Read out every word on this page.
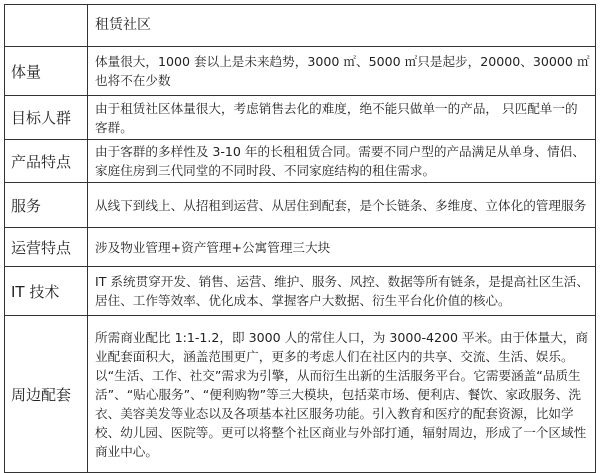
	租赁社区
体量	体量很大，1000 套以上是未来趋势，3000 ㎡、5000 ㎡只是起步，20000、30000 ㎡也将不在少数
目标人群	由于租赁社区体量很大，考虑销售去化的难度，绝不能只做单一的产品， 只匹配单一的客群。
产品特点	由于客群的多样性及 3-10 年的长租租赁合同。需要不同户型的产品满足从单身、情侣、家庭住房到三代同堂的不同时段、不同家庭结构的租住需求。
服务	从线下到线上、从招租到运营、从居住到配套，是个长链条、多维度、立体化的管理服务
运营特点	涉及物业管理+资产管理+公寓管理三大块
IT 技术	IT 系统贯穿开发、销售、运营、维护、服务、风控、数据等所有链条，是提高社区生活、居住、工作等效率、优化成本、掌握客户大数据、衍生平台化价值的核心。
周边配套	所需商业配比 1:1-1.2，即 3000 人的常住人口，为 3000-4200 平米。由于体量大，商业配套面积大，涵盖范围更广，更多的考虑人们在社区内的共享、交流、生活、娱乐。

以“生活、工作、社交”需求为引擎，从而衍生出新的生活服务平台。它需要涵盖“品质生活”、“贴心服务”、“便利购物”等三大模块，包括菜市场、便利店、餐饮、家政服务、洗衣、美容美发等业态以及各项基本社区服务功能。引入教育和医疗的配套资源，比如学校、幼儿园、医院等。更可以将整个社区商业与外部打通，辐射周边，形成了一个区域性商业中心。
